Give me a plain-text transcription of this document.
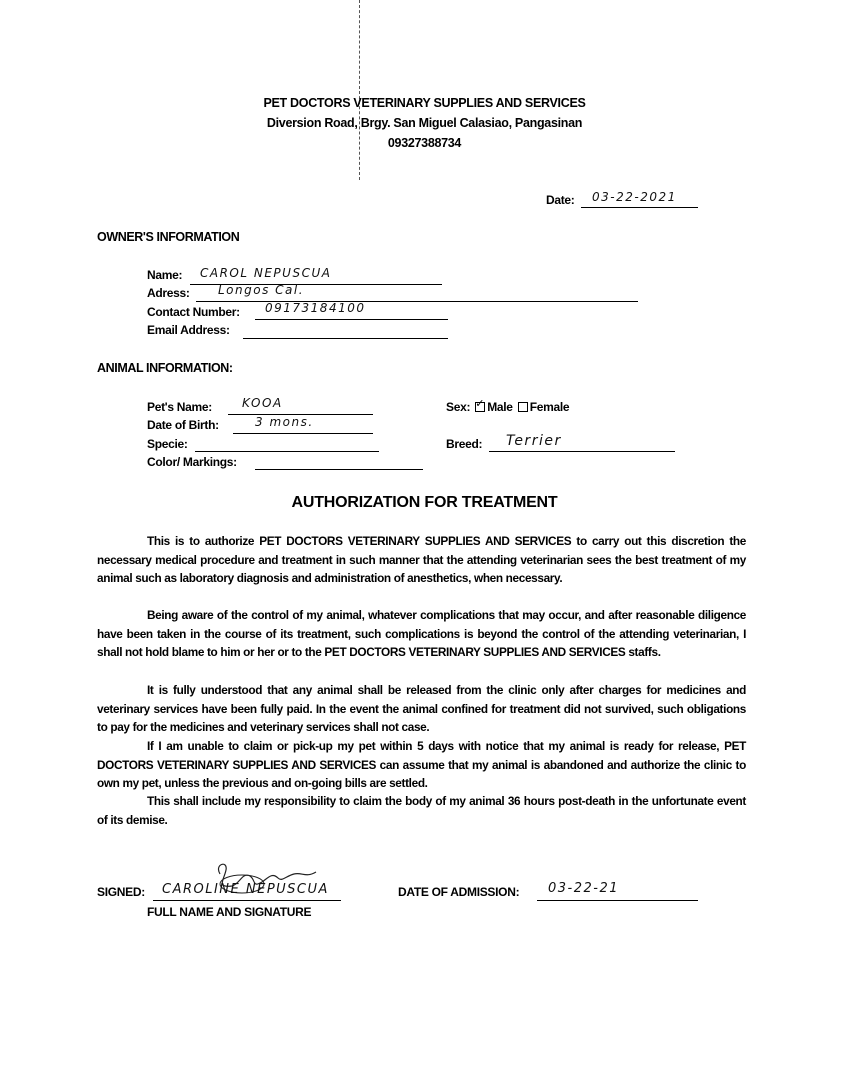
PET DOCTORS VETERINARY SUPPLIES AND SERVICES
Diversion Road, Brgy. San Miguel Calasiao, Pangasinan
09327388734
Date: 03-22-2021
OWNER'S INFORMATION
Name: CAROL NEPUSCUA
Adress: Longos Cal.
Contact Number: 09173184100
Email Address:
ANIMAL INFORMATION:
Pet's Name:	KOOA
Date of Birth:	3 mons.
Specie:
Color/ Markings:
Sex: ✓ Male Female
Breed: Terrier
AUTHORIZATION FOR TREATMENT
This is to authorize PET DOCTORS VETERINARY SUPPLIES AND SERVICES to carry out this discretion the necessary medical procedure and treatment in such manner that the attending veterinarian sees the best treatment of my animal such as laboratory diagnosis and administration of anesthetics, when necessary.
Being aware of the control of my animal, whatever complications that may occur, and after reasonable diligence have been taken in the course of its treatment, such complications is beyond the control of the attending veterinarian, I shall not hold blame to him or her or to the PET DOCTORS VETERINARY SUPPLIES AND SERVICES staffs.
It is fully understood that any animal shall be released from the clinic only after charges for medicines and veterinary services have been fully paid. In the event the animal confined for treatment did not survived, such obligations to pay for the medicines and veterinary services shall not case.
If I am unable to claim or pick-up my pet within 5 days with notice that my animal is ready for release, PET DOCTORS VETERINARY SUPPLIES AND SERVICES can assume that my animal is abandoned and authorize the clinic to own my pet, unless the previous and on-going bills are settled.
This shall include my responsibility to claim the body of my animal 36 hours post-death in the unfortunate event of its demise.
SIGNED: CAROLINE NEPUSCUA
FULL NAME AND SIGNATURE
DATE OF ADMISSION: 03-22-21
